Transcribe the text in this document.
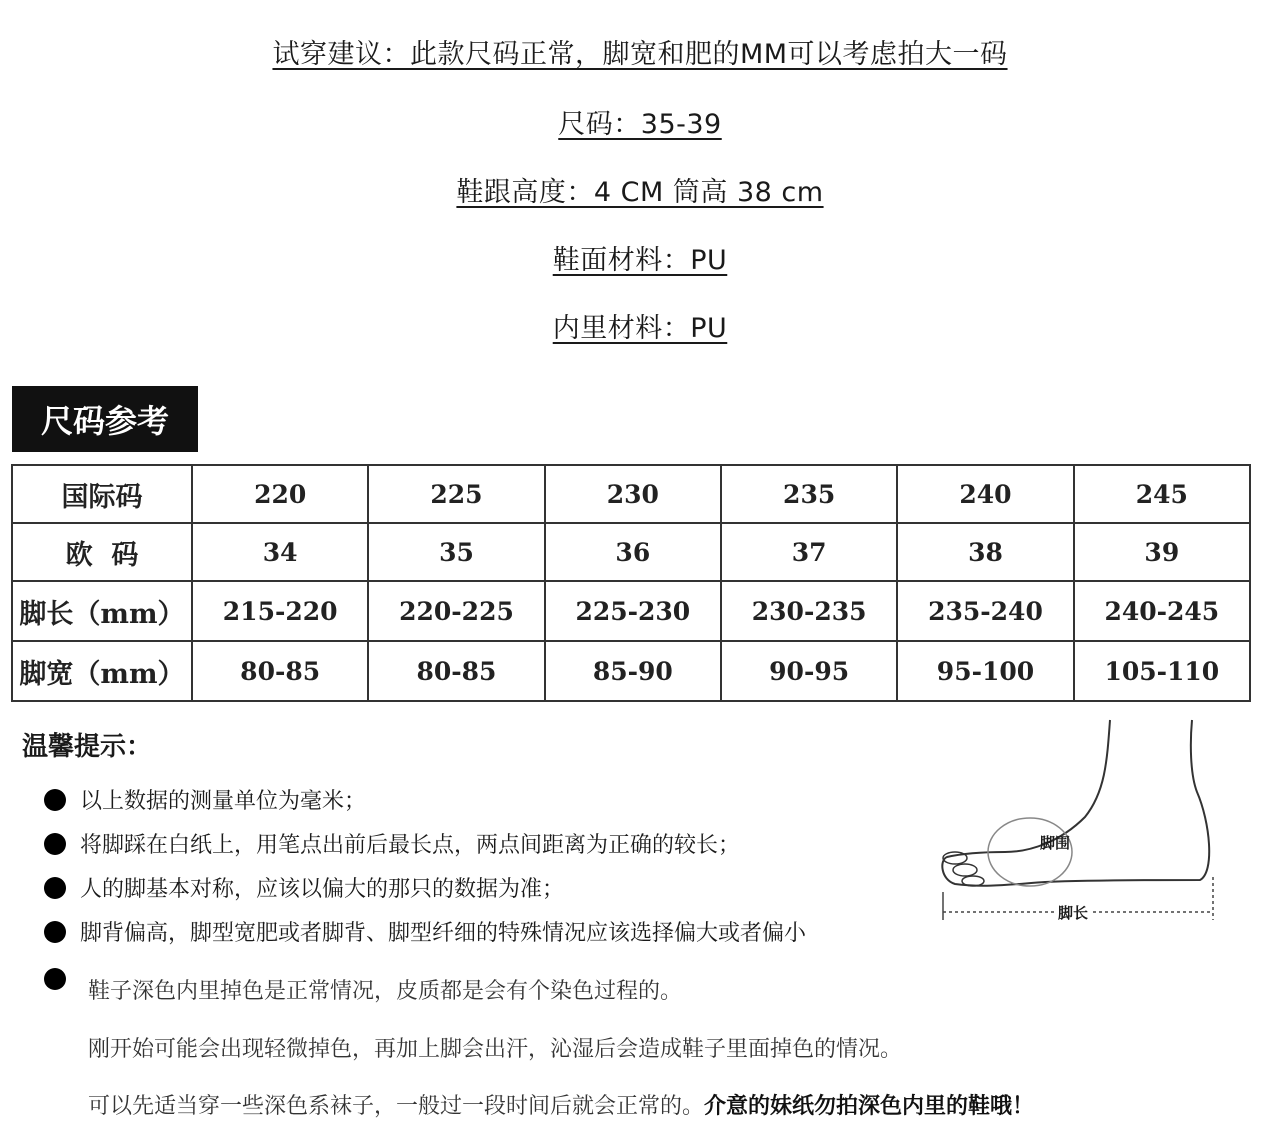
试穿建议：此款尺码正常，脚宽和肥的MM可以考虑拍大一码
尺码：35-39
鞋跟高度：4 CM 筒高 38 cm
鞋面材料：PU
内里材料：PU
尺码参考
国际码	220	225	230	235	240	245
欧  码	34	35	36	37	38	39
脚长（mm）	215-220	220-225	225-230	230-235	235-240	240-245
脚宽（mm）	80-85	80-85	85-90	90-95	95-100	105-110
温馨提示：
以上数据的测量单位为毫米；
将脚踩在白纸上，用笔点出前后最长点，两点间距离为正确的较长；
人的脚基本对称，应该以偏大的那只的数据为准；
脚背偏高，脚型宽肥或者脚背、脚型纤细的特殊情况应该选择偏大或者偏小
鞋子深色内里掉色是正常情况，皮质都是会有个染色过程的。
刚开始可能会出现轻微掉色，再加上脚会出汗，沁湿后会造成鞋子里面掉色的情况。
可以先适当穿一些深色系袜子，一般过一段时间后就会正常的。介意的妹纸勿拍深色内里的鞋哦！
脚围
脚长
